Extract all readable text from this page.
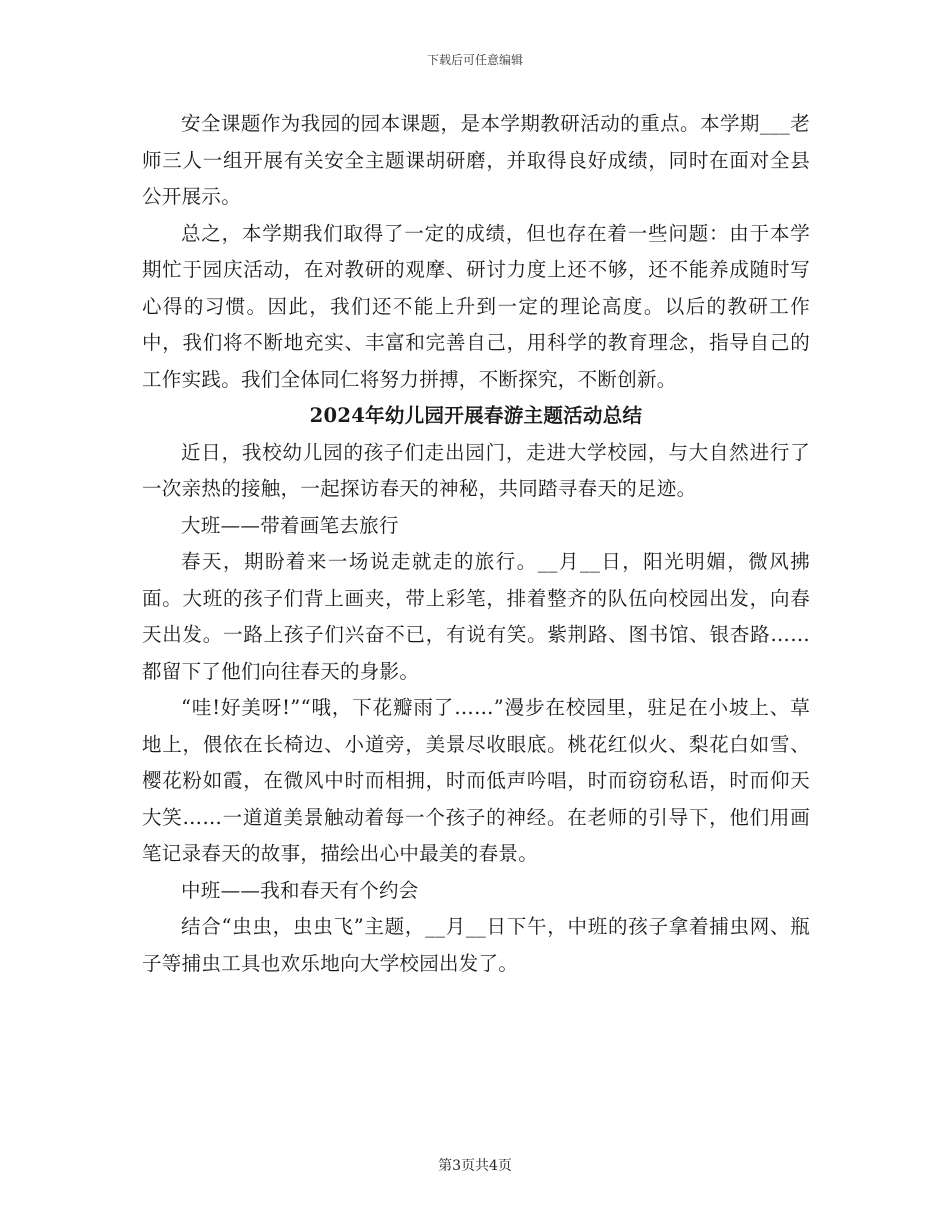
下载后可任意编辑

安全课题作为我园的园本课题，是本学期教研活动的重点。本学期___老师三人一组开展有关安全主题课胡研磨，并取得良好成绩，同时在面对全县公开展示。

总之，本学期我们取得了一定的成绩，但也存在着一些问题：由于本学期忙于园庆活动，在对教研的观摩、研讨力度上还不够，还不能养成随时写心得的习惯。因此，我们还不能上升到一定的理论高度。以后的教研工作中，我们将不断地充实、丰富和完善自己，用科学的教育理念，指导自己的工作实践。我们全体同仁将努力拼搏，不断探究，不断创新。

2024年幼儿园开展春游主题活动总结

近日，我校幼儿园的孩子们走出园门，走进大学校园，与大自然进行了一次亲热的接触，一起探访春天的神秘，共同踏寻春天的足迹。

大班——带着画笔去旅行

春天，期盼着来一场说走就走的旅行。__月__日，阳光明媚，微风拂面。大班的孩子们背上画夹，带上彩笔，排着整齐的队伍向校园出发，向春天出发。一路上孩子们兴奋不已，有说有笑。紫荆路、图书馆、银杏路……都留下了他们向往春天的身影。

“哇!好美呀!”“哦，下花瓣雨了……”漫步在校园里，驻足在小坡上、草地上，偎依在长椅边、小道旁，美景尽收眼底。桃花红似火、梨花白如雪、樱花粉如霞，在微风中时而相拥，时而低声吟唱，时而窃窃私语，时而仰天大笑……一道道美景触动着每一个孩子的神经。在老师的引导下，他们用画笔记录春天的故事，描绘出心中最美的春景。

中班——我和春天有个约会

结合“虫虫，虫虫飞”主题，__月__日下午，中班的孩子拿着捕虫网、瓶子等捕虫工具也欢乐地向大学校园出发了。

第3页共4页
